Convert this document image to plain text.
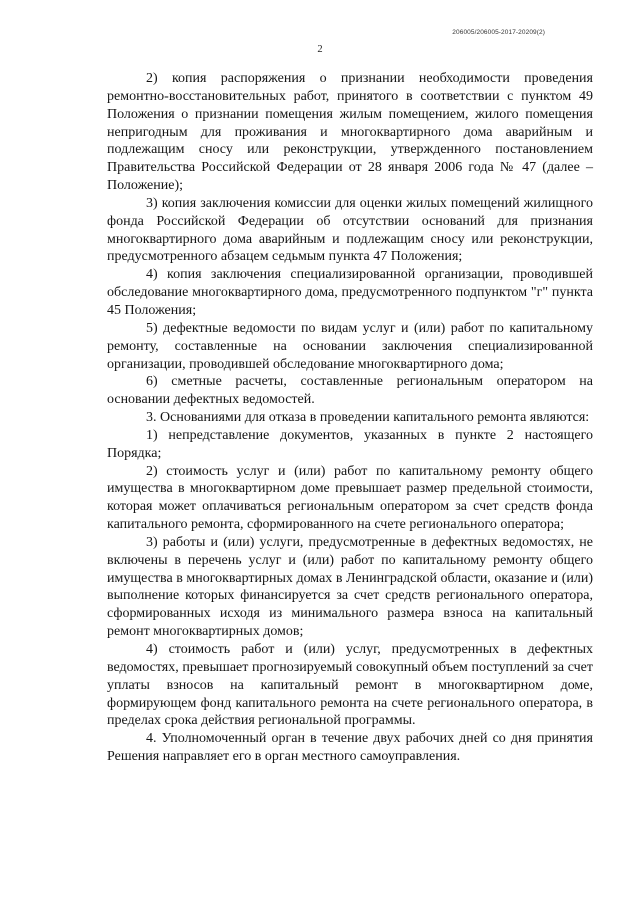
206005/206005-2017-20209(2)
2

2) копия распоряжения о признании необходимости проведения ремонтно-восстановительных работ, принятого в соответствии с пунктом 49 Положения о признании помещения жилым помещением, жилого помещения непригодным для проживания и многоквартирного дома аварийным и подлежащим сносу или реконструкции, утвержденного постановлением Правительства Российской Федерации от 28 января 2006 года № 47 (далее – Положение);

3) копия заключения комиссии для оценки жилых помещений жилищного фонда Российской Федерации об отсутствии оснований для признания многоквартирного дома аварийным и подлежащим сносу или реконструкции, предусмотренного абзацем седьмым пункта 47 Положения;

4) копия заключения специализированной организации, проводившей обследование многоквартирного дома, предусмотренного подпунктом "г" пункта 45 Положения;

5) дефектные ведомости по видам услуг и (или) работ по капитальному ремонту, составленные на основании заключения специализированной организации, проводившей обследование многоквартирного дома;

6) сметные расчеты, составленные региональным оператором на основании дефектных ведомостей.

3. Основаниями для отказа в проведении капитального ремонта являются:

1) непредставление документов, указанных в пункте 2 настоящего Порядка;

2) стоимость услуг и (или) работ по капитальному ремонту общего имущества в многоквартирном доме превышает размер предельной стоимости, которая может оплачиваться региональным оператором за счет средств фонда капитального ремонта, сформированного на счете регионального оператора;

3) работы и (или) услуги, предусмотренные в дефектных ведомостях, не включены в перечень услуг и (или) работ по капитальному ремонту общего имущества в многоквартирных домах в Ленинградской области, оказание и (или) выполнение которых финансируется за счет средств регионального оператора, сформированных исходя из минимального размера взноса на капитальный ремонт многоквартирных домов;

4) стоимость работ и (или) услуг, предусмотренных в дефектных ведомостях, превышает прогнозируемый совокупный объем поступлений за счет уплаты взносов на капитальный ремонт в многоквартирном доме, формирующем фонд капитального ремонта на счете регионального оператора, в пределах срока действия региональной программы.

4. Уполномоченный орган в течение двух рабочих дней со дня принятия Решения направляет его в орган местного самоуправления.
